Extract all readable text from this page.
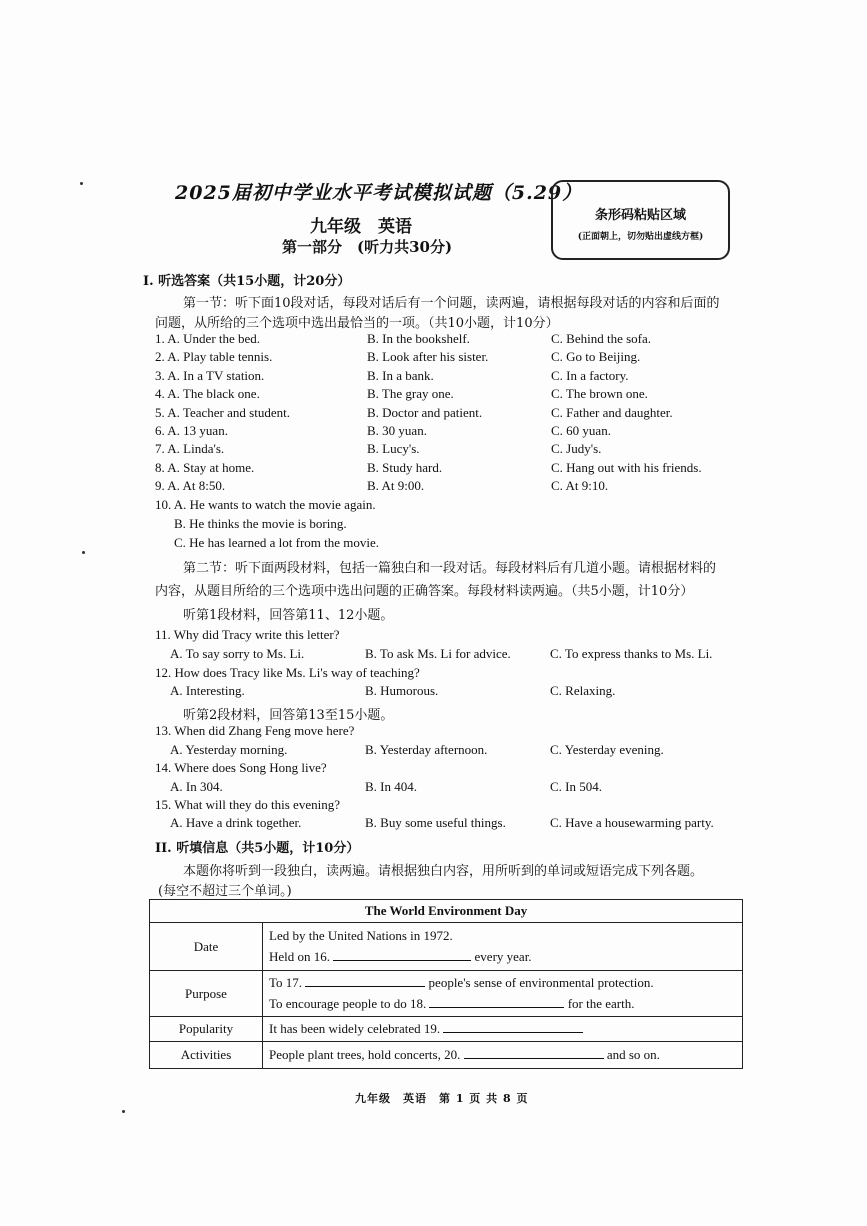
2025届初中学业水平考试模拟试题（5.29）
九年级　英语
第一部分　(听力共30分)
条形码粘贴区域
(正面朝上，切勿贴出虚线方框)
I. 听选答案（共15小题，计20分）
第一节：听下面10段对话，每段对话后有一个问题，读两遍，请根据每段对话的内容和后面的
问题，从所给的三个选项中选出最恰当的一项。（共10小题，计10分）
1. A. Under the bed.	B. In the bookshelf.	C. Behind the sofa.
2. A. Play table tennis.	B. Look after his sister.	C. Go to Beijing.
3. A. In a TV station.	B. In a bank.	C. In a factory.
4. A. The black one.	B. The gray one.	C. The brown one.
5. A. Teacher and student.	B. Doctor and patient.	C. Father and daughter.
6. A. 13 yuan.	B. 30 yuan.	C. 60 yuan.
7. A. Linda's.	B. Lucy's.	C. Judy's.
8. A. Stay at home.	B. Study hard.	C. Hang out with his friends.
9. A. At 8:50.	B. At 9:00.	C. At 9:10.
10. A. He wants to watch the movie again.
B. He thinks the movie is boring.
C. He has learned a lot from the movie.
第二节：听下面两段材料，包括一篇独白和一段对话。每段材料后有几道小题。请根据材料的
内容，从题目所给的三个选项中选出问题的正确答案。每段材料读两遍。（共5小题，计10分）
听第1段材料，回答第11、12小题。
11. Why did Tracy write this letter?
A. To say sorry to Ms. Li.	B. To ask Ms. Li for advice.	C. To express thanks to Ms. Li.
12. How does Tracy like Ms. Li's way of teaching?
A. Interesting.	B. Humorous.	C. Relaxing.
听第2段材料，回答第13至15小题。
13. When did Zhang Feng move here?
A. Yesterday morning.	B. Yesterday afternoon.	C. Yesterday evening.
14. Where does Song Hong live?
A. In 304.	B. In 404.	C. In 504.
15. What will they do this evening?
A. Have a drink together.	B. Buy some useful things.	C. Have a housewarming party.
II. 听填信息（共5小题，计10分）
本题你将听到一段独白，读两遍。请根据独白内容，用所听到的单词或短语完成下列各题。
(每空不超过三个单词。)
The World Environment Day	
Date	Led by the United Nations in 1972.
Held on 16. every year.

Purpose	To 17. people's sense of environmental protection.
To encourage people to do 18. for the earth.

Popularity	It has been widely celebrated 19.
Activities	People plant trees, hold concerts, 20. and so on.
九年级　英语　第 1 页 共 8 页
